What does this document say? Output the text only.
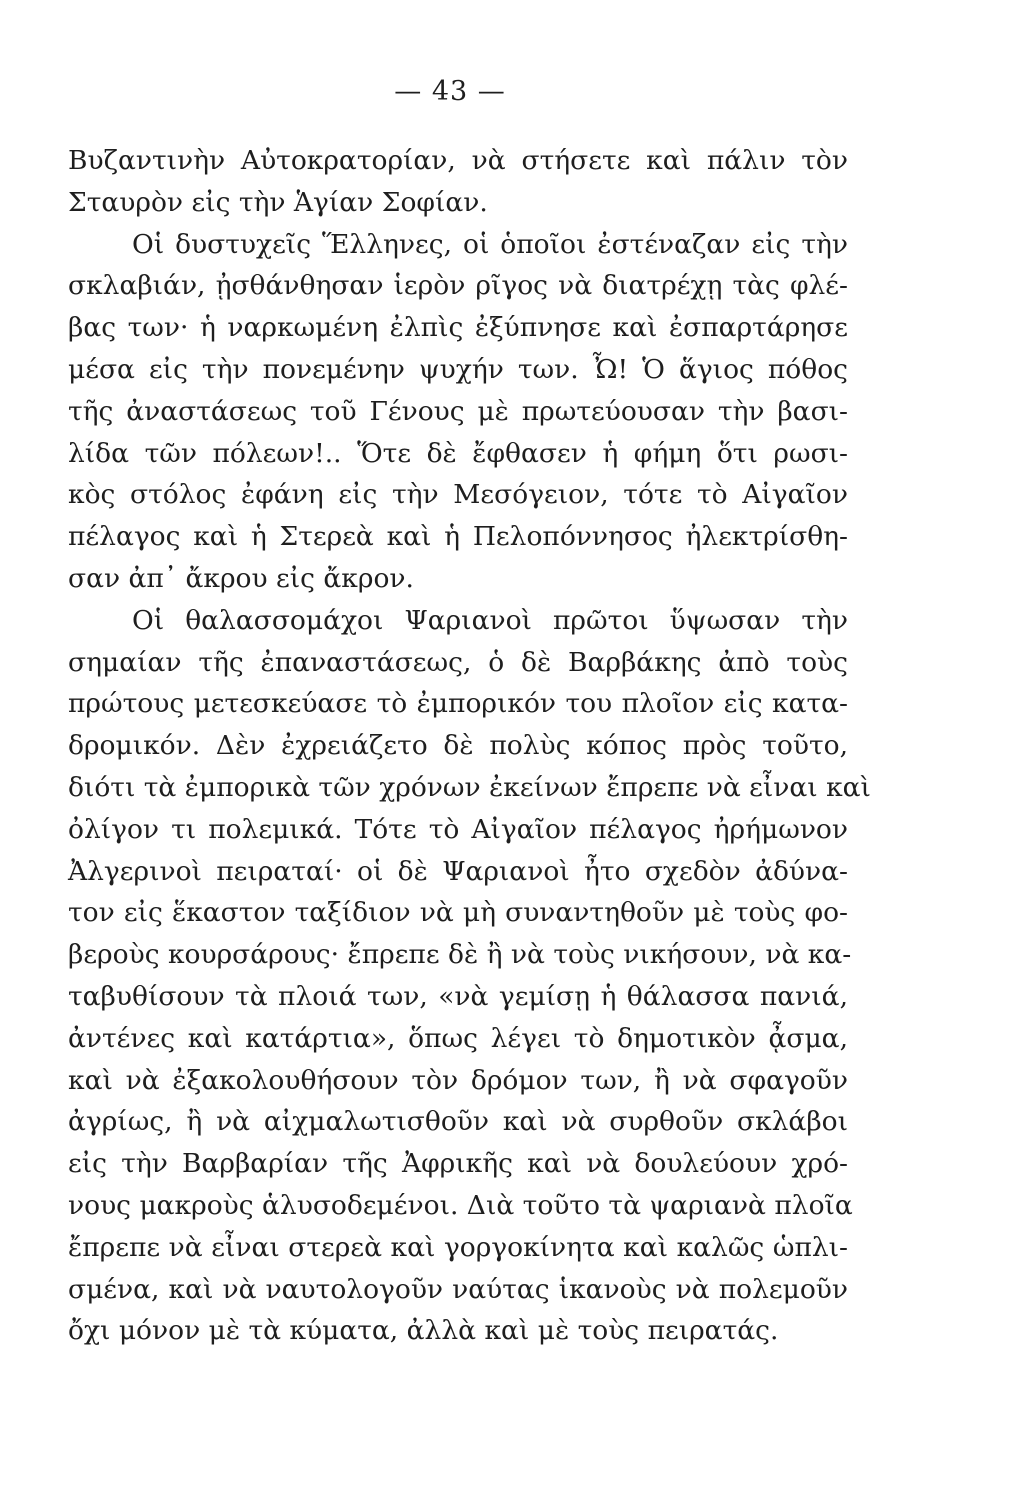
— 43 —
Βυζαντινὴν Αὐτοκρατορίαν, νὰ στήσετε καὶ πάλιν τὸν
Σταυρὸν εἰς τὴν Ἁγίαν Σοφίαν.
Οἱ δυστυχεῖς Ἕλληνες, οἱ ὁποῖοι ἐστέναζαν εἰς τὴν
σκλαβιάν, ᾐσθάνθησαν ἱερὸν ρῖγος νὰ διατρέχῃ τὰς φλέ-
βας των· ἡ ναρκωμένη ἐλπὶς ἐξύπνησε καὶ ἐσπαρτάρησε
μέσα εἰς τὴν πονεμένην ψυχήν των. Ὦ! Ὁ ἅγιος πόθος
τῆς ἀναστάσεως τοῦ Γένους μὲ πρωτεύουσαν τὴν βασι-
λίδα τῶν πόλεων!.. Ὅτε δὲ ἔφθασεν ἡ φήμη ὅτι ρωσι-
κὸς στόλος ἐφάνη εἰς τὴν Μεσόγειον, τότε τὸ Αἰγαῖον
πέλαγος καὶ ἡ Στερεὰ καὶ ἡ Πελοπόννησος ἠλεκτρίσθη-
σαν ἀπ᾽ ἄκρου εἰς ἄκρον.
Οἱ θαλασσομάχοι Ψαριανοὶ πρῶτοι ὕψωσαν τὴν
σημαίαν τῆς ἐπαναστάσεως, ὁ δὲ Βαρβάκης ἀπὸ τοὺς
πρώτους μετεσκεύασε τὸ ἐμπορικόν του πλοῖον εἰς κατα-
δρομικόν. Δὲν ἐχρειάζετο δὲ πολὺς κόπος πρὸς τοῦτο,
διότι τὰ ἐμπορικὰ τῶν χρόνων ἐκείνων ἔπρεπε νὰ εἶναι καὶ
ὀλίγον τι πολεμικά. Τότε τὸ Αἰγαῖον πέλαγος ἠρήμωνον
Ἀλγερινοὶ πειραταί· οἱ δὲ Ψαριανοὶ ἦτο σχεδὸν ἀδύνα-
τον εἰς ἕκαστον ταξίδιον νὰ μὴ συναντηθοῦν μὲ τοὺς φο-
βεροὺς κουρσάρους· ἔπρεπε δὲ ἢ νὰ τοὺς νικήσουν, νὰ κα-
ταβυθίσουν τὰ πλοιά των, «νὰ γεμίσῃ ἡ θάλασσα πανιά,
ἀντένες καὶ κατάρτια», ὅπως λέγει τὸ δημοτικὸν ᾆσμα,
καὶ νὰ ἐξακολουθήσουν τὸν δρόμον των, ἢ νὰ σφαγοῦν
ἀγρίως, ἢ νὰ αἰχμαλωτισθοῦν καὶ νὰ συρθοῦν σκλάβοι
εἰς τὴν Βαρβαρίαν τῆς Ἀφρικῆς καὶ νὰ δουλεύουν χρό-
νους μακροὺς ἁλυσοδεμένοι. Διὰ τοῦτο τὰ ψαριανὰ πλοῖα
ἔπρεπε νὰ εἶναι στερεὰ καὶ γοργοκίνητα καὶ καλῶς ὡπλι-
σμένα, καὶ νὰ ναυτολογοῦν ναύτας ἱκανοὺς νὰ πολεμοῦν
ὄχι μόνον μὲ τὰ κύματα, ἀλλὰ καὶ μὲ τοὺς πειρατάς.
